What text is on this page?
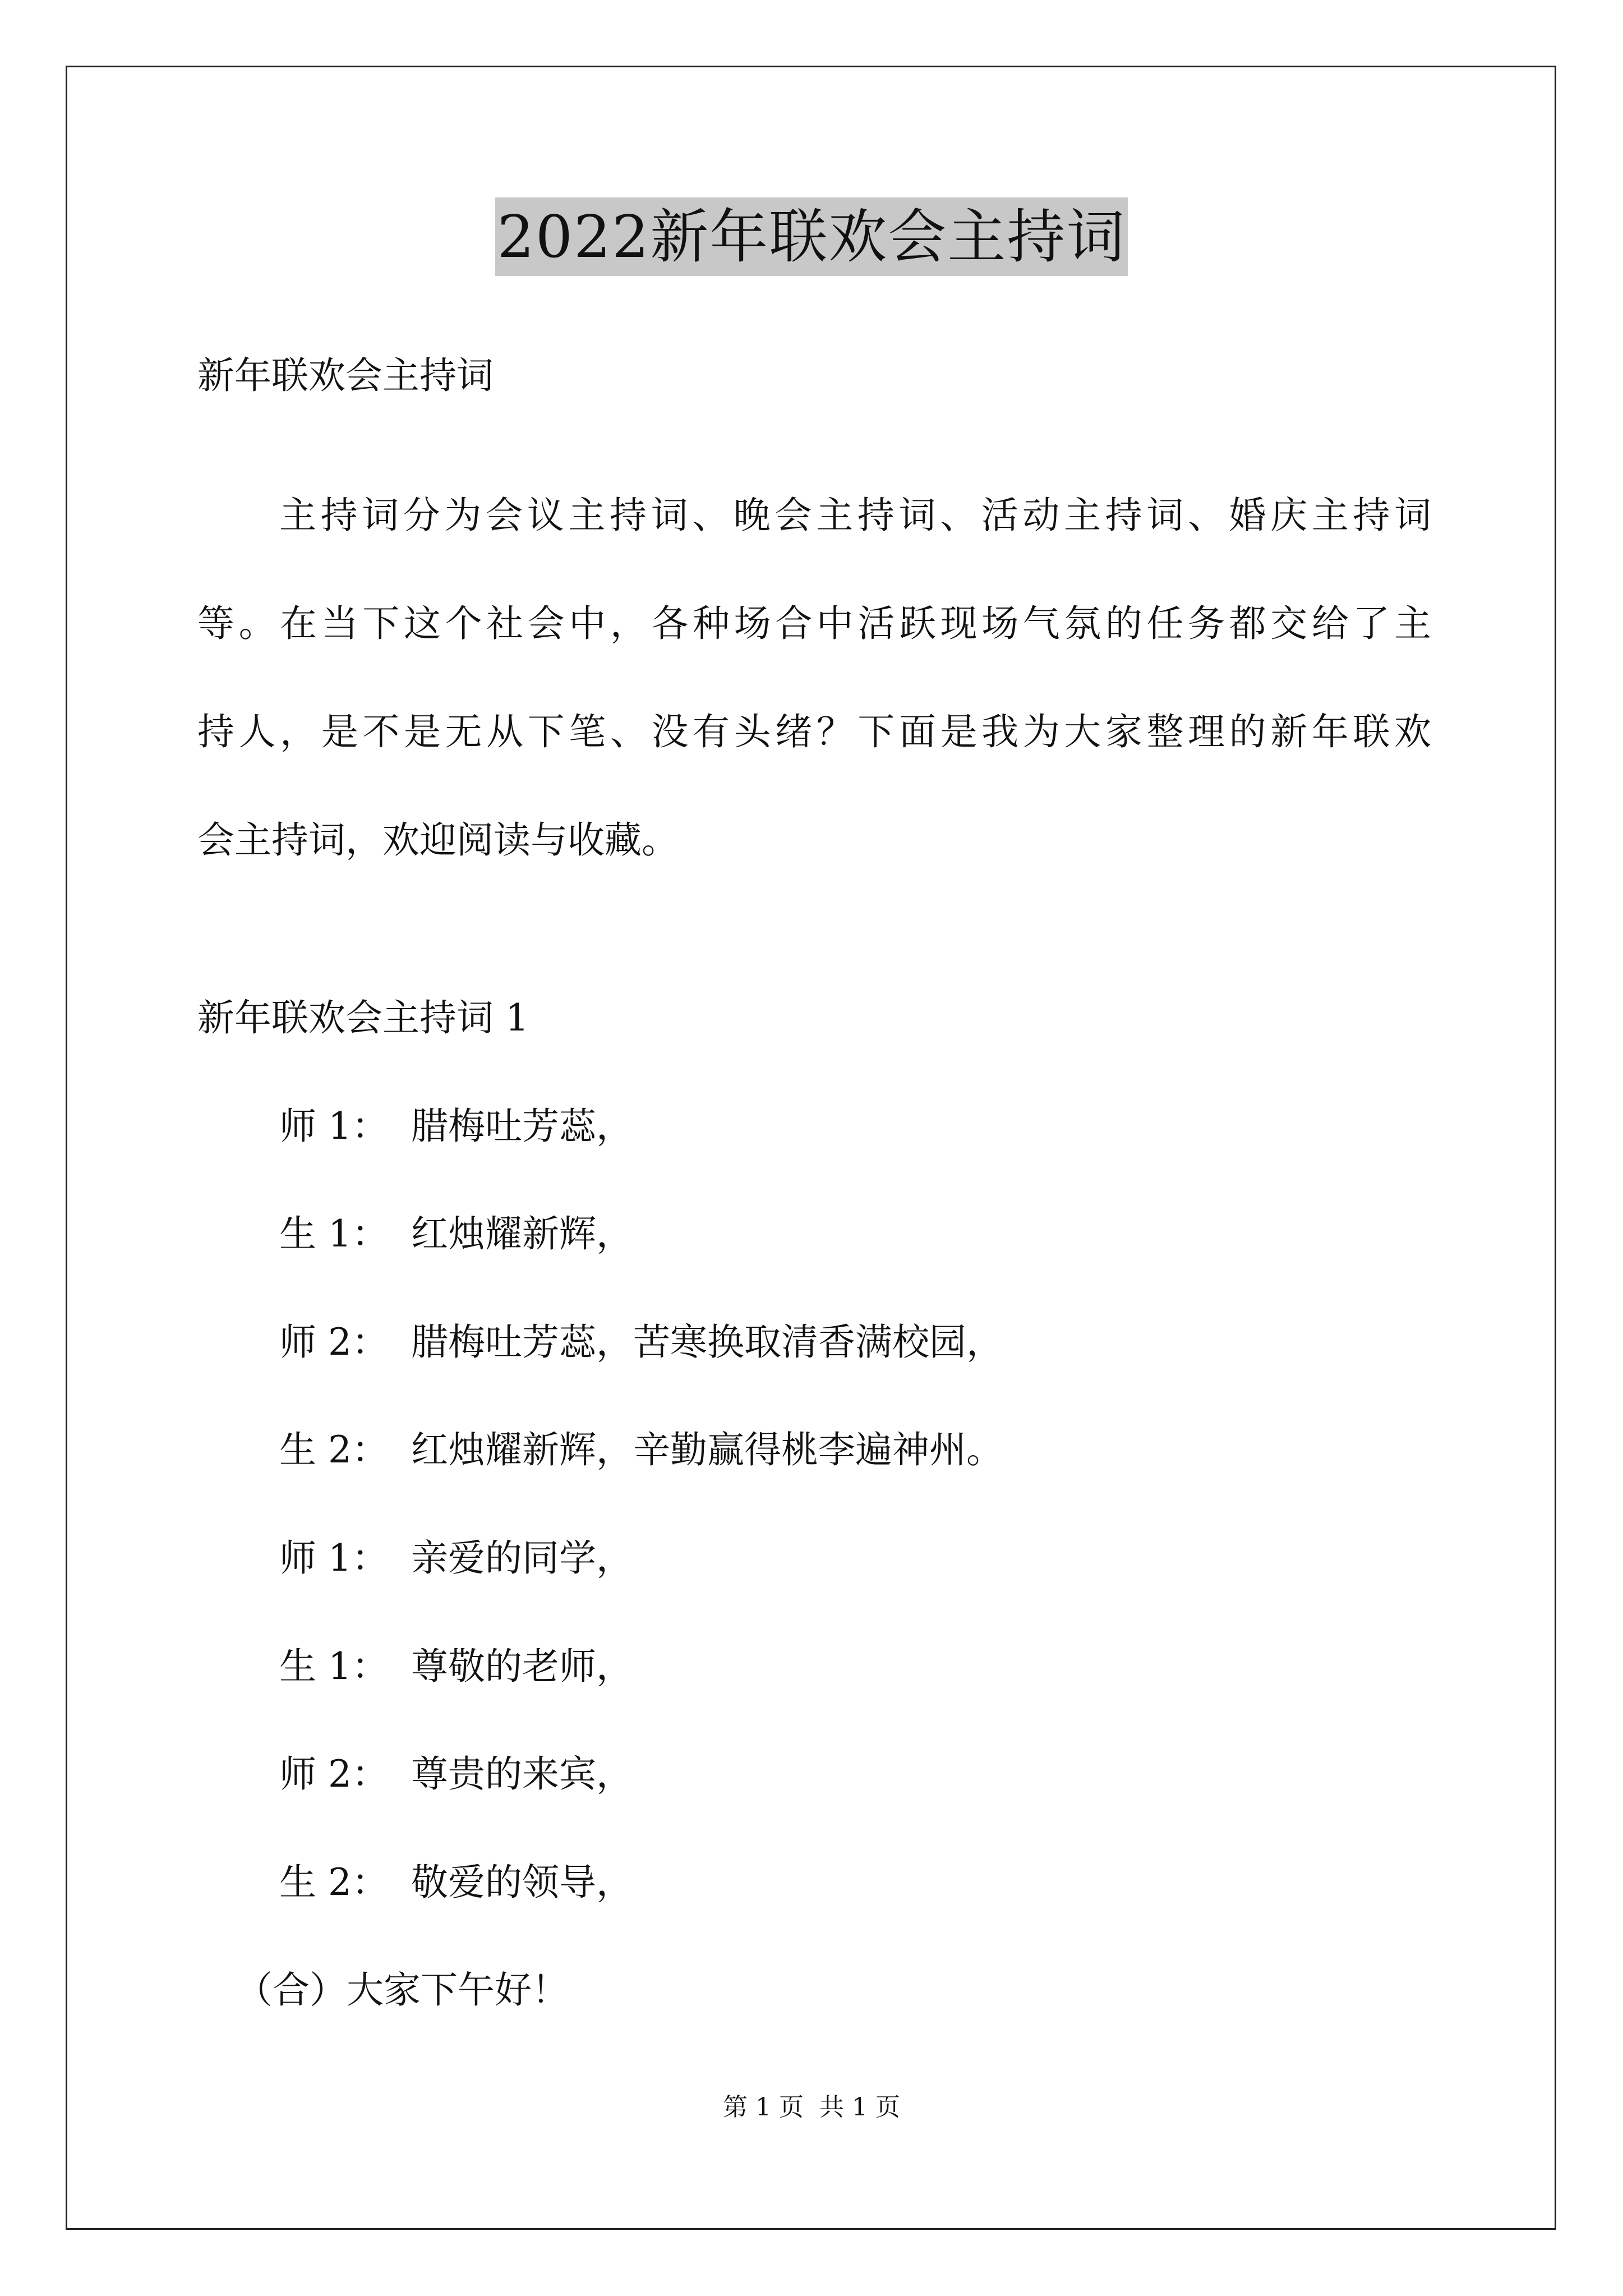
2022新年联欢会主持词
新年联欢会主持词
主持词分为会议主持词、晚会主持词、活动主持词、婚庆主持词
等。在当下这个社会中，各种场合中活跃现场气氛的任务都交给了主
持人，是不是无从下笔、没有头绪？下面是我为大家整理的新年联欢
会主持词，欢迎阅读与收藏。
新年联欢会主持词 1
师 1： 腊梅吐芳蕊，
生 1： 红烛耀新辉，
师 2： 腊梅吐芳蕊，苦寒换取清香满校园，
生 2： 红烛耀新辉，辛勤赢得桃李遍神州。
师 1： 亲爱的同学，
生 1： 尊敬的老师，
师 2： 尊贵的来宾，
生 2： 敬爱的领导，
（合）大家下午好！
第 1 页 共 1 页
